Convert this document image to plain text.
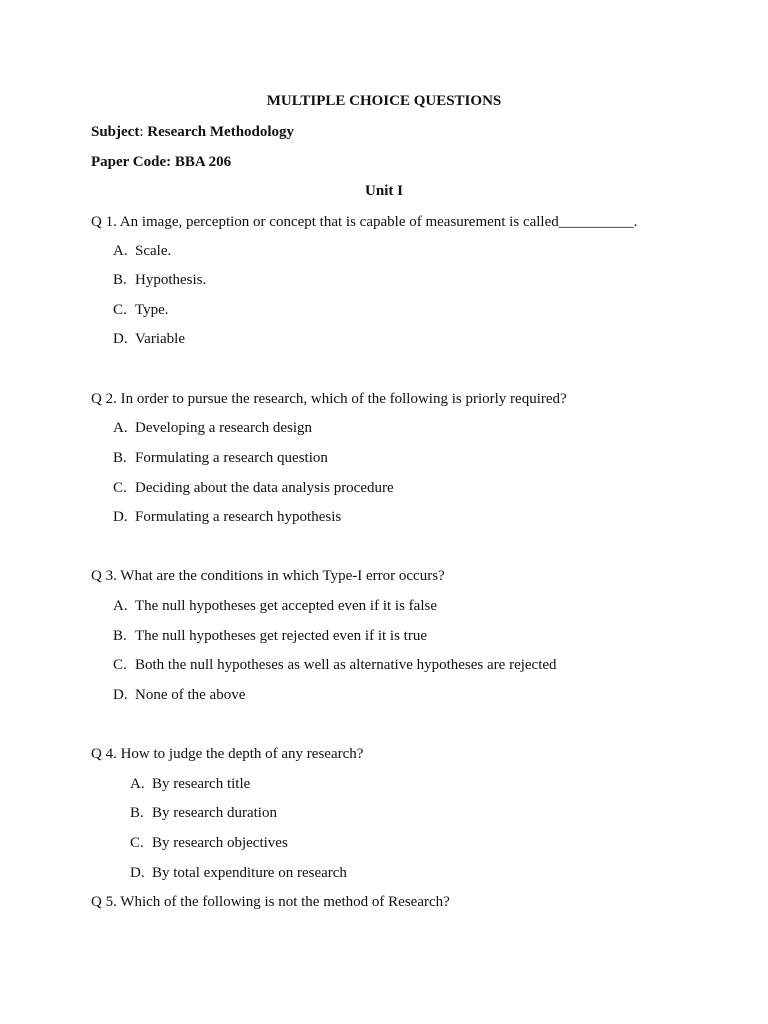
MULTIPLE CHOICE QUESTIONS
Subject: Research Methodology
Paper Code: BBA 206
Unit I
Q 1. An image, perception or concept that is capable of measurement is called__________.
A. Scale.
B. Hypothesis.
C. Type.
D. Variable
Q 2. In order to pursue the research, which of the following is priorly required?
A. Developing a research design
B. Formulating a research question
C. Deciding about the data analysis procedure
D. Formulating a research hypothesis
Q 3. What are the conditions in which Type-I error occurs?
A. The null hypotheses get accepted even if it is false
B. The null hypotheses get rejected even if it is true
C. Both the null hypotheses as well as alternative hypotheses are rejected
D. None of the above
Q 4. How to judge the depth of any research?
A. By research title
B. By research duration
C. By research objectives
D. By total expenditure on research
Q 5. Which of the following is not the method of Research?
